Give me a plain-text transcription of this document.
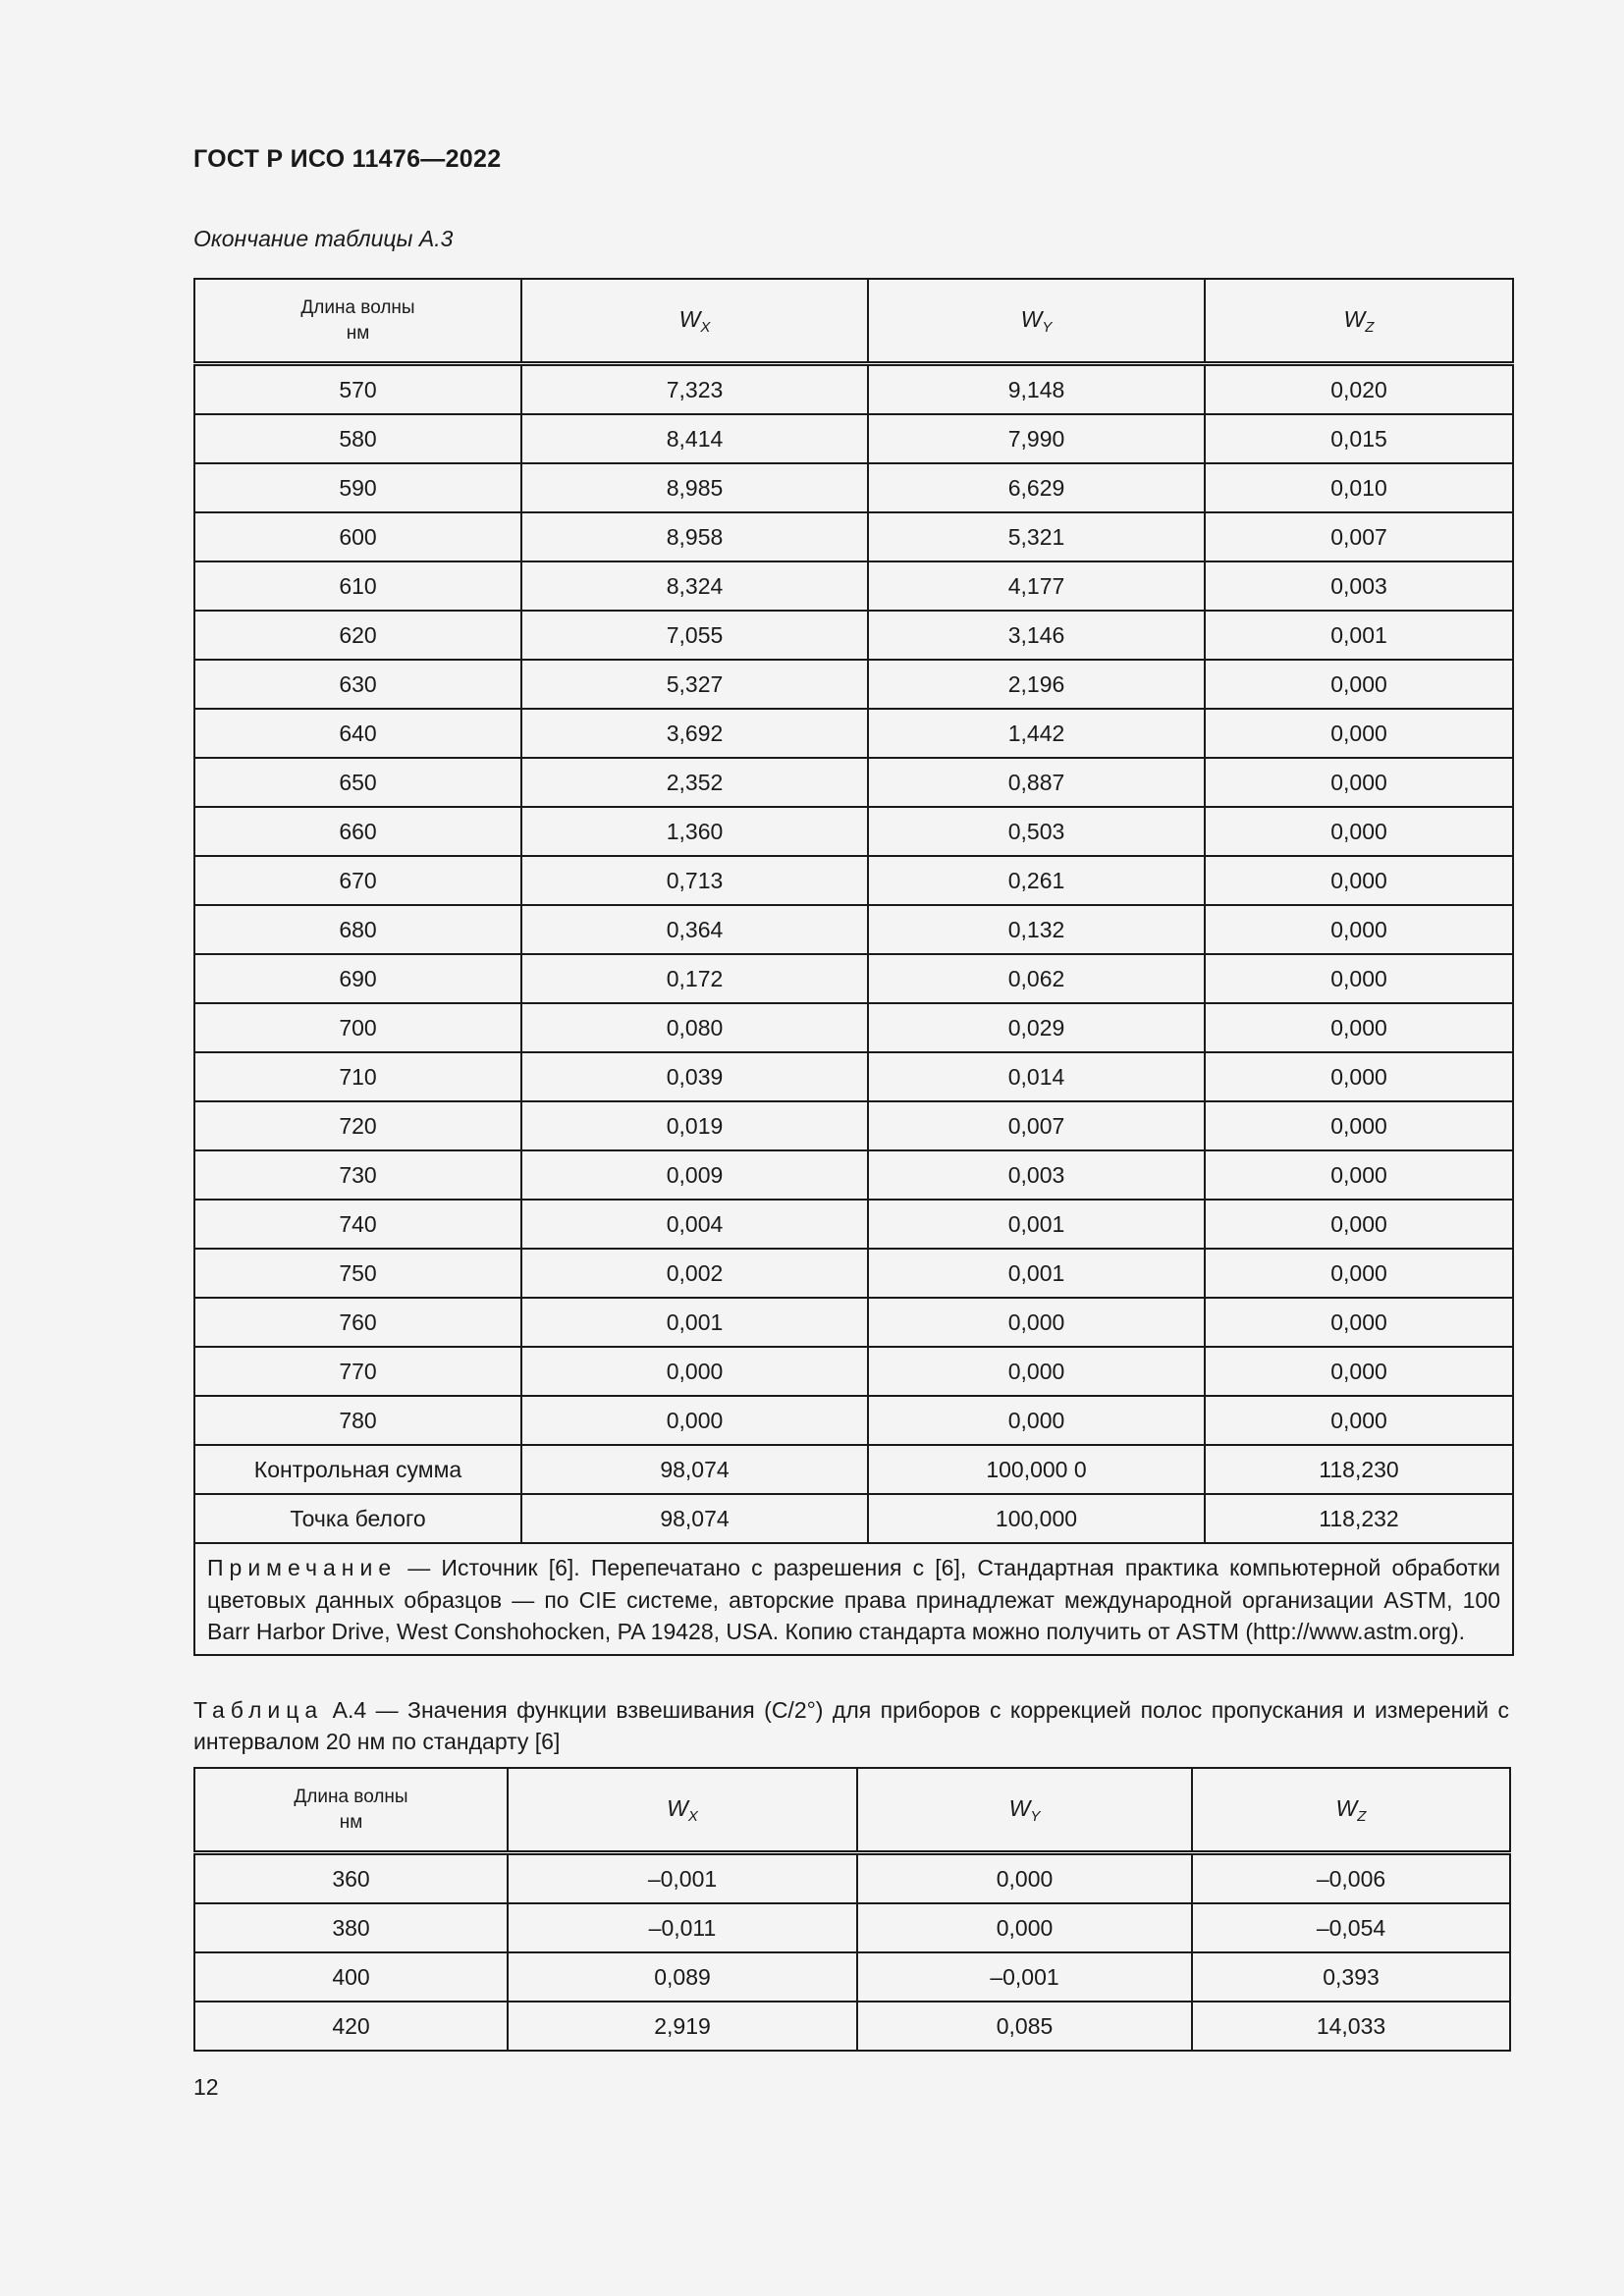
ГОСТ Р ИСО 11476—2022
Окончание таблицы А.3
Длина волны
нм	$W_X$	$W_Y$	$W_Z$
570	7,323	9,148	0,020
580	8,414	7,990	0,015
590	8,985	6,629	0,010
600	8,958	5,321	0,007
610	8,324	4,177	0,003
620	7,055	3,146	0,001
630	5,327	2,196	0,000
640	3,692	1,442	0,000
650	2,352	0,887	0,000
660	1,360	0,503	0,000
670	0,713	0,261	0,000
680	0,364	0,132	0,000
690	0,172	0,062	0,000
700	0,080	0,029	0,000
710	0,039	0,014	0,000
720	0,019	0,007	0,000
730	0,009	0,003	0,000
740	0,004	0,001	0,000
750	0,002	0,001	0,000
760	0,001	0,000	0,000
770	0,000	0,000	0,000
780	0,000	0,000	0,000
Контрольная сумма	98,074	100,000 0	118,230
Точка белого	98,074	100,000	118,232
Примечание — Источник [6]. Перепечатано с разрешения с [6], Стандартная практика компьютерной обработки цветовых данных образцов — по CIE системе, авторские права принадлежат международной организации ASTM, 100 Barr Harbor Drive, West Conshohocken, PA 19428, USA. Копию стандарта можно получить от ASTM (http://www.astm.org).			
Таблица А.4 — Значения функции взвешивания (С/2°) для приборов с коррекцией полос пропускания и измерений с интервалом 20 нм по стандарту [6]
Длина волны
нм	$W_X$	$W_Y$	$W_Z$
360	–0,001	0,000	–0,006
380	–0,011	0,000	–0,054
400	0,089	–0,001	0,393
420	2,919	0,085	14,033
12
